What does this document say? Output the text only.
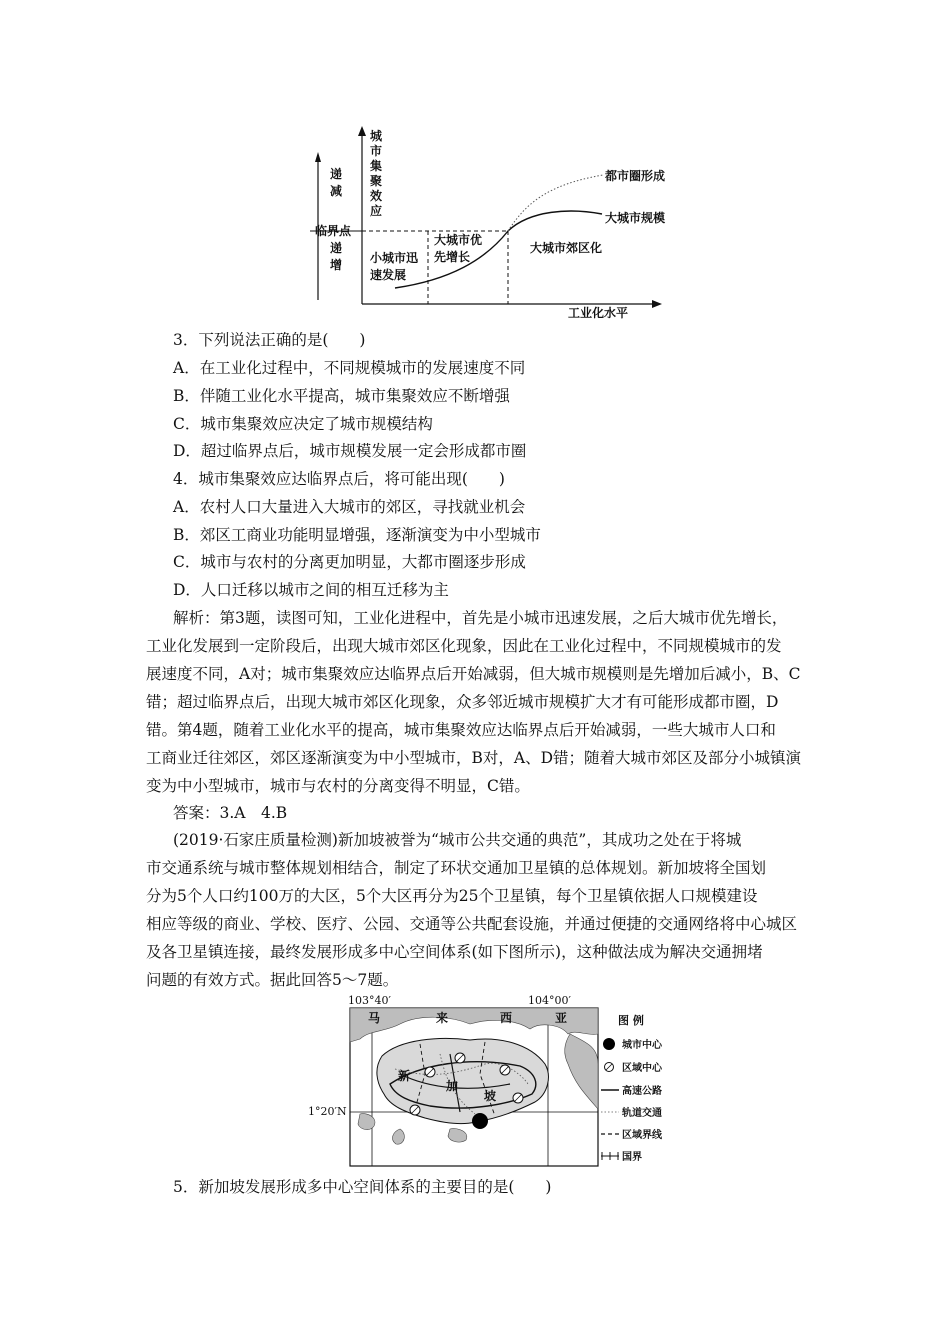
城市集聚效应
递减
临界点
递增 小城市迅速发展
大城市优先增长
大城市郊区化
都市圈形成
大城市规模
工业化水平
3．下列说法正确的是(　　)
A．在工业化过程中，不同规模城市的发展速度不同
B．伴随工业化水平提高，城市集聚效应不断增强
C．城市集聚效应决定了城市规模结构
D．超过临界点后，城市规模发展一定会形成都市圈
4．城市集聚效应达临界点后，将可能出现(　　)
A．农村人口大量进入大城市的郊区，寻找就业机会
B．郊区工商业功能明显增强，逐渐演变为中小型城市
C．城市与农村的分离更加明显，大都市圈逐步形成
D．人口迁移以城市之间的相互迁移为主
解析：第3题，读图可知，工业化进程中，首先是小城市迅速发展，之后大城市优先增长，
工业化发展到一定阶段后，出现大城市郊区化现象，因此在工业化过程中，不同规模城市的发
展速度不同，A对；城市集聚效应达临界点后开始减弱，但大城市规模则是先增加后减小，B、C
错；超过临界点后，出现大城市郊区化现象，众多邻近城市规模扩大才有可能形成都市圈，D
错。第4题，随着工业化水平的提高，城市集聚效应达临界点后开始减弱，一些大城市人口和
工商业迁往郊区，郊区逐渐演变为中小型城市，B对，A、D错；随着大城市郊区及部分小城镇演
变为中小型城市，城市与农村的分离变得不明显，C错。
答案：3.A　4.B
(2019·石家庄质量检测)新加坡被誉为“城市公共交通的典范”，其成功之处在于将城
市交通系统与城市整体规划相结合，制定了环状交通加卫星镇的总体规划。新加坡将全国划
分为5个人口约100万的大区，5个大区再分为25个卫星镇，每个卫星镇依据人口规模建设
相应等级的商业、学校、医疗、公园、交通等公共配套设施，并通过便捷的交通网络将中心城区
及各卫星镇连接，最终发展形成多中心空间体系(如下图所示)，这种做法成为解决交通拥堵
问题的有效方式。据此回答5～7题。
103°40′	104°00′
1°20′N
马	来	西	亚
新
加
坡
图 例
城市中心
区域中心
高速公路
轨道交通
区域界线
国界
5．新加坡发展形成多中心空间体系的主要目的是(　　)
